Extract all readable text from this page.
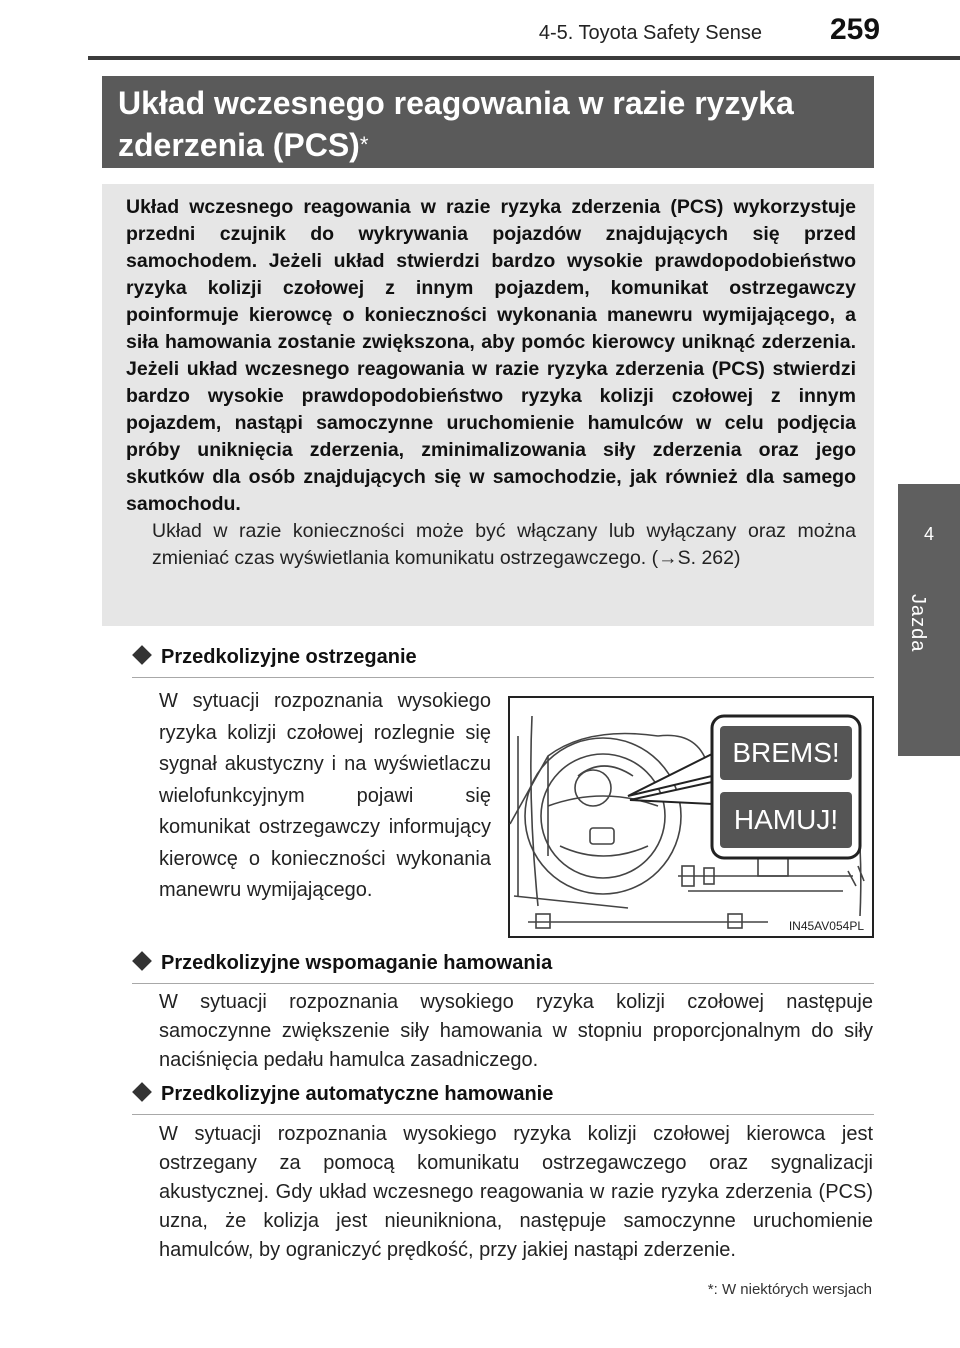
4-5. Toyota Safety Sense 259
4
Jazda
Układ wczesnego reagowania w razie ryzyka zderzenia (PCS)*
Układ wczesnego reagowania w razie ryzyka zderzenia (PCS) wykorzystuje przedni czujnik do wykrywania pojazdów znajdujących się przed samochodem. Jeżeli układ stwierdzi bardzo wysokie prawdopodobieństwo ryzyka kolizji czołowej z innym pojazdem, komunikat ostrzegawczy poinformuje kierowcę o konieczności wykonania manewru wymijającego, a siła hamowania zostanie zwiększona, aby pomóc kierowcy uniknąć zderzenia. Jeżeli układ wczesnego reagowania w razie ryzyka zderzenia (PCS) stwierdzi bardzo wysokie prawdopodobieństwo ryzyka kolizji czołowej z innym pojazdem, nastąpi samoczynne uruchomienie hamulców w celu podjęcia próby uniknięcia zderzenia, zminimalizowania siły zderzenia oraz jego skutków dla osób znajdujących się w samochodzie, jak również dla samego samochodu.
Układ w razie konieczności może być włączany lub wyłączany oraz można zmieniać czas wyświetlania komunikatu ostrzegawczego. (→S. 262)
Przedkolizyjne ostrzeganie
W sytuacji rozpoznania wysokiego ryzyka kolizji czołowej rozlegnie się sygnał akustyczny i na wyświetlaczu wielofunkcyjnym pojawi się komunikat ostrzegawczy informujący kierowcę o konieczności wykonania manewru wymijającego.
BREMS!
HAMUJ!
IN45AV054PL
Przedkolizyjne wspomaganie hamowania
W sytuacji rozpoznania wysokiego ryzyka kolizji czołowej następuje samoczynne zwiększenie siły hamowania w stopniu proporcjonalnym do siły naciśnięcia pedału hamulca zasadniczego.
Przedkolizyjne automatyczne hamowanie
W sytuacji rozpoznania wysokiego ryzyka kolizji czołowej kierowca jest ostrzegany za pomocą komunikatu ostrzegawczego oraz sygnalizacji akustycznej. Gdy układ wczesnego reagowania w razie ryzyka zderzenia (PCS) uzna, że kolizja jest nieunikniona, następuje samoczynne uruchomienie hamulców, by ograniczyć prędkość, przy jakiej nastąpi zderzenie.
*: W niektórych wersjach
